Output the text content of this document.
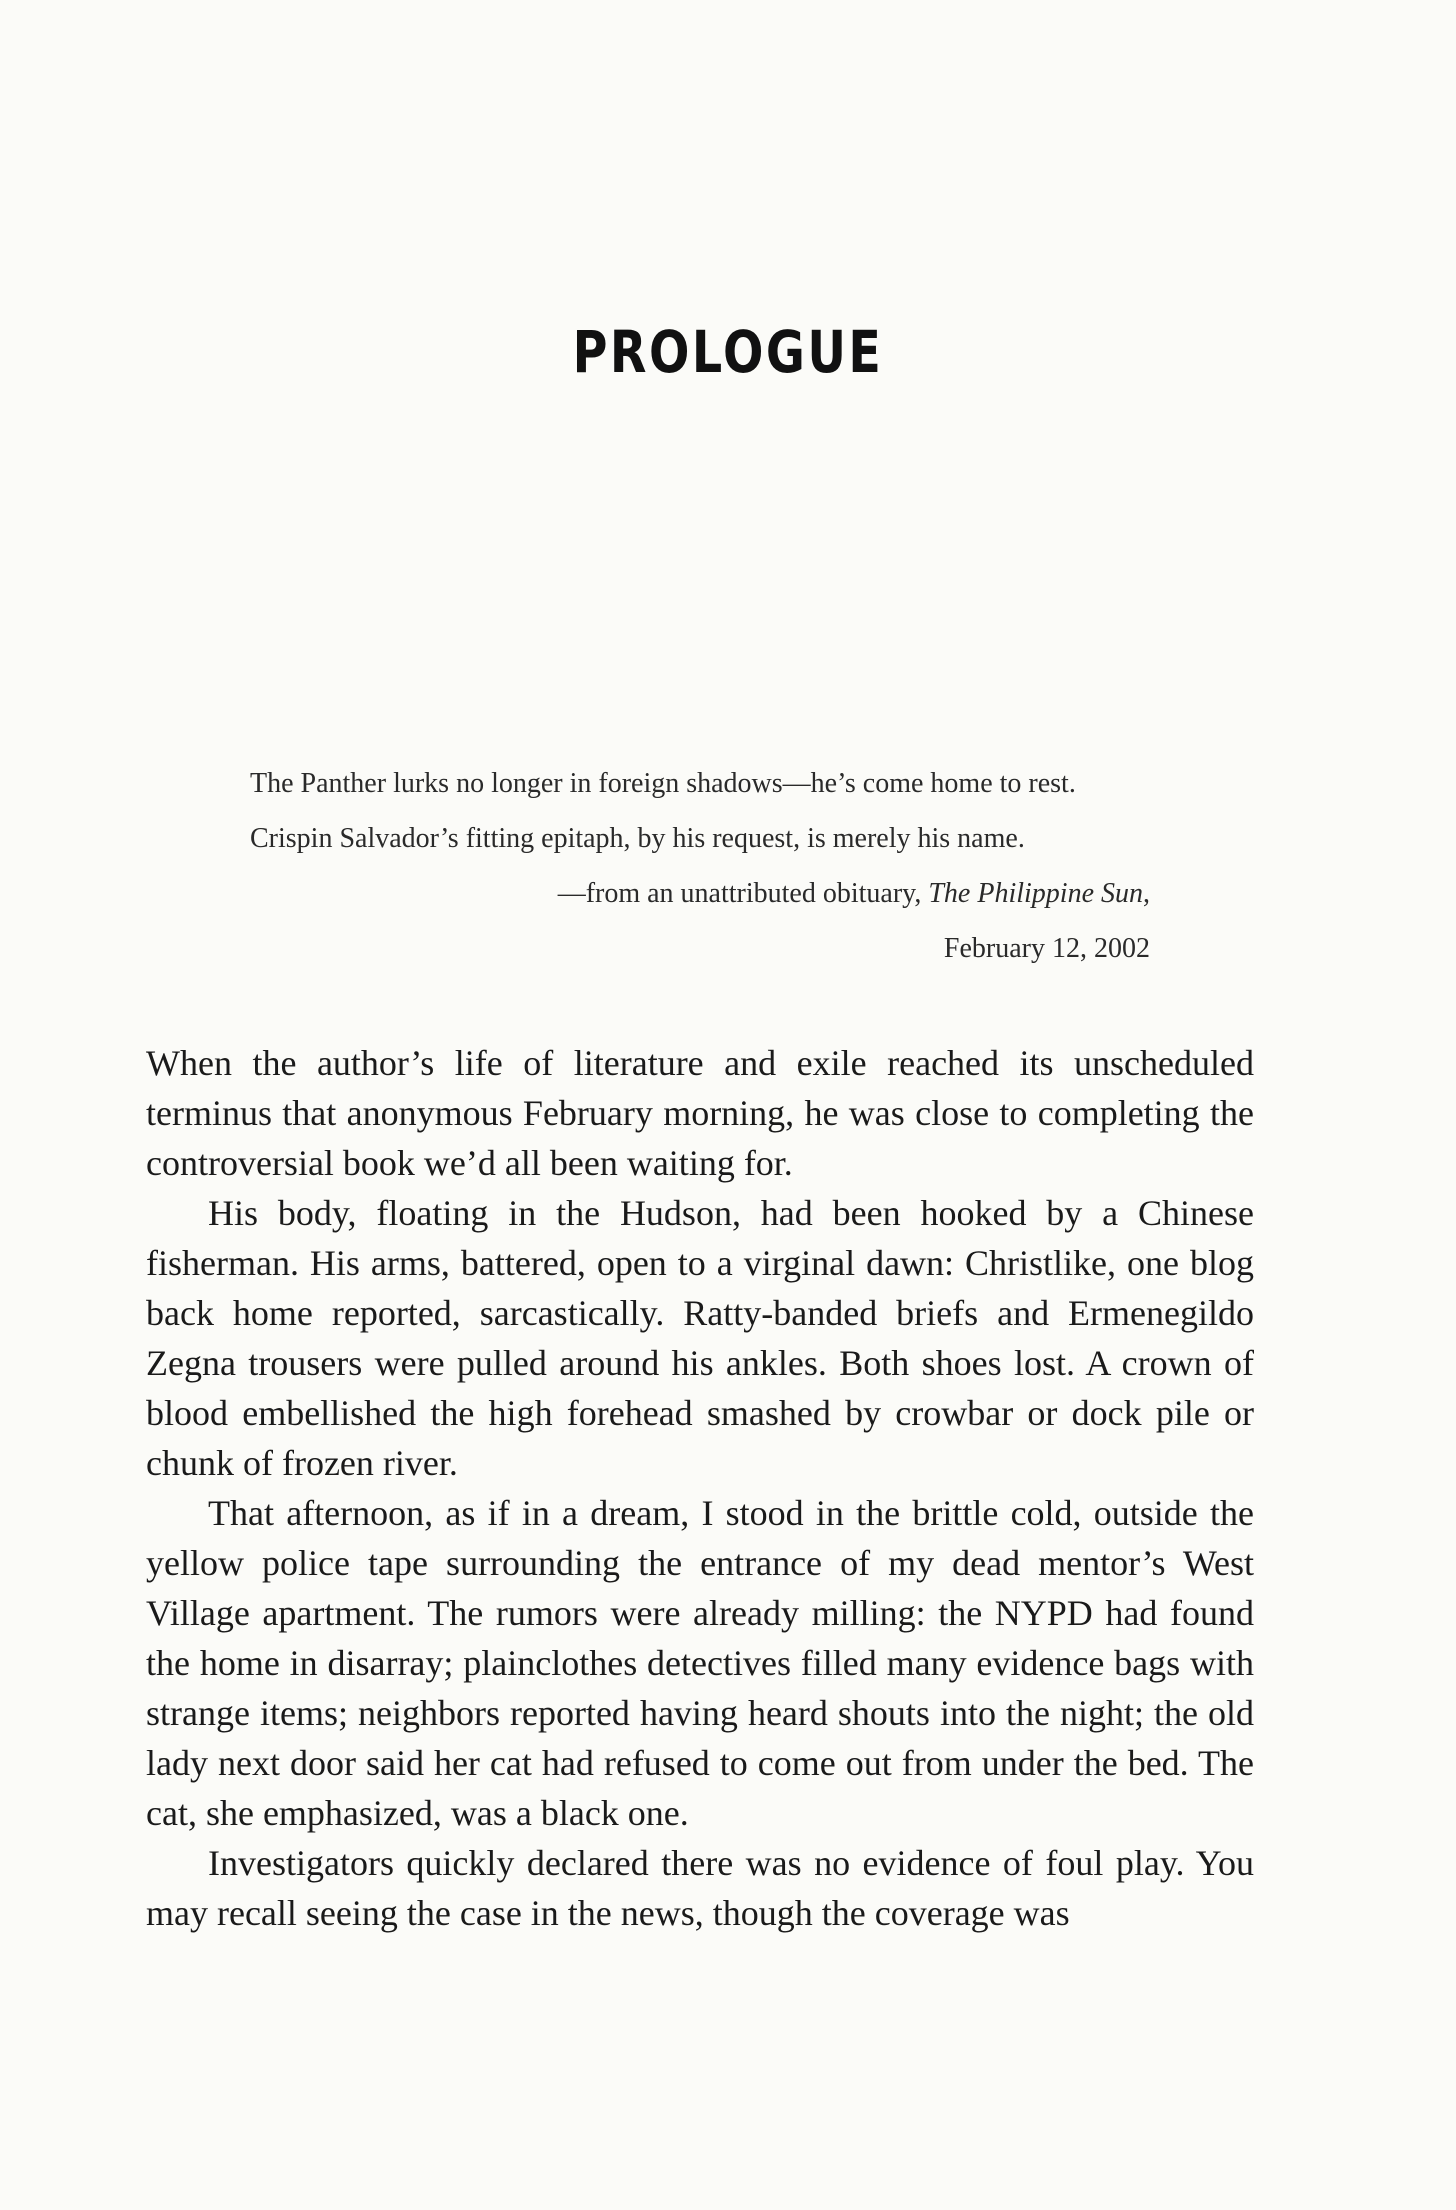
PROLOGUE

The Panther lurks no longer in foreign shadows—he’s come home to rest. Crispin Salvador’s fitting epitaph, by his request, is merely his name.

—from an unattributed obituary, The Philippine Sun,
February 12, 2002

When the author’s life of literature and exile reached its unscheduled terminus that anonymous February morning, he was close to completing the controversial book we’d all been waiting for.

His body, floating in the Hudson, had been hooked by a Chinese fisherman. His arms, battered, open to a virginal dawn: Christlike, one blog back home reported, sarcastically. Ratty-banded briefs and Ermenegildo Zegna trousers were pulled around his ankles. Both shoes lost. A crown of blood embellished the high forehead smashed by crowbar or dock pile or chunk of frozen river.

That afternoon, as if in a dream, I stood in the brittle cold, outside the yellow police tape surrounding the entrance of my dead mentor’s West Village apartment. The rumors were already milling: the NYPD had found the home in disarray; plainclothes detectives filled many evidence bags with strange items; neighbors reported having heard shouts into the night; the old lady next door said her cat had refused to come out from under the bed. The cat, she emphasized, was a black one.

Investigators quickly declared there was no evidence of foul play. You may recall seeing the case in the news, though the coverage was
